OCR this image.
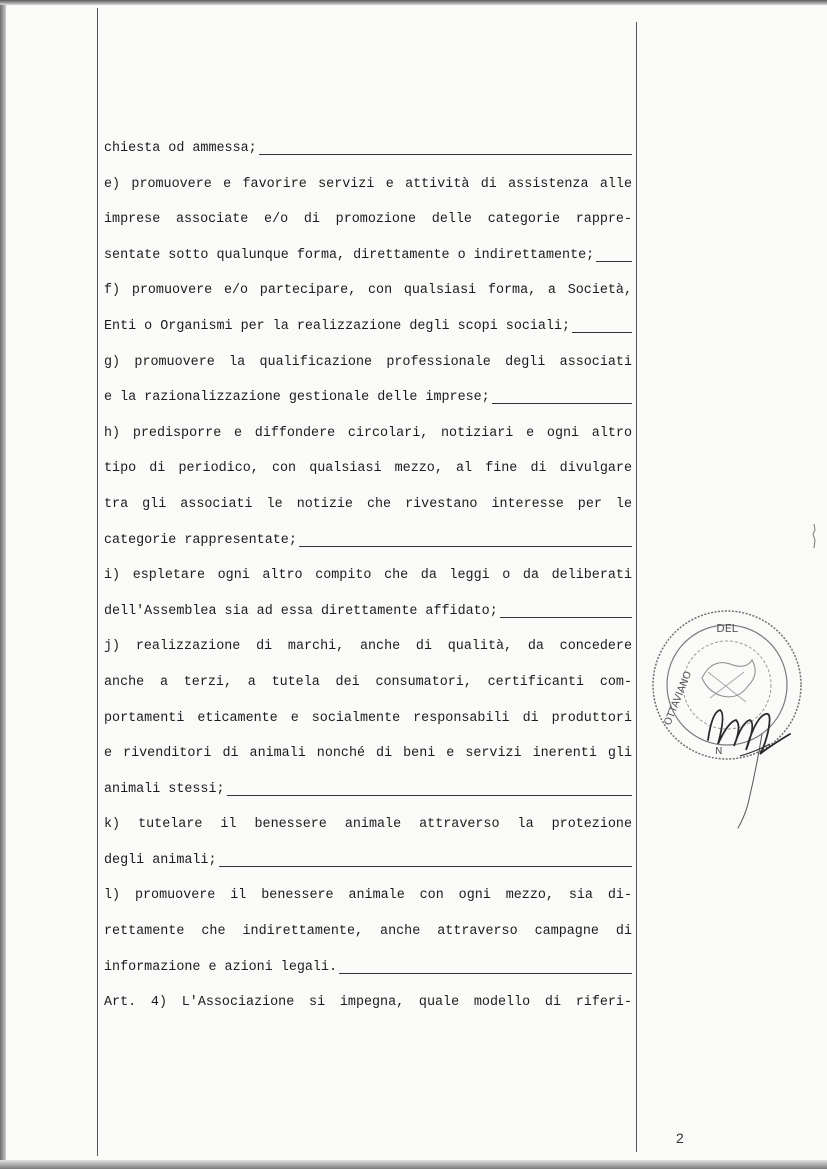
chiesta od ammessa;
e) promuovere e favorire servizi e attività di assistenza alle
imprese associate e/o di promozione delle categorie rappre-
sentate sotto qualunque forma, direttamente o indirettamente;
f) promuovere e/o partecipare, con qualsiasi forma, a Società,
Enti o Organismi per la realizzazione degli scopi sociali;
g) promuovere la qualificazione professionale degli associati
e la razionalizzazione gestionale delle imprese;
h) predisporre e diffondere circolari, notiziari e ogni altro
tipo di periodico, con qualsiasi mezzo, al fine di divulgare
tra gli associati le notizie che rivestano interesse per le
categorie rappresentate;
i) espletare ogni altro compito che da leggi o da deliberati
dell'Assemblea sia ad essa direttamente affidato;
j) realizzazione di marchi, anche di qualità, da concedere
anche a terzi, a tutela dei consumatori, certificanti com-
portamenti eticamente e socialmente responsabili di produttori
e rivenditori di animali nonché di beni e servizi inerenti gli
animali stessi;
k) tutelare il benessere animale attraverso la protezione
degli animali;
l) promuovere il benessere animale con ogni mezzo, sia di-
rettamente che indirettamente, anche attraverso campagne di
informazione e azioni legali.
Art. 4) L'Associazione si impegna, quale modello di riferi-
DEL
OTTAVIANO
N
2
